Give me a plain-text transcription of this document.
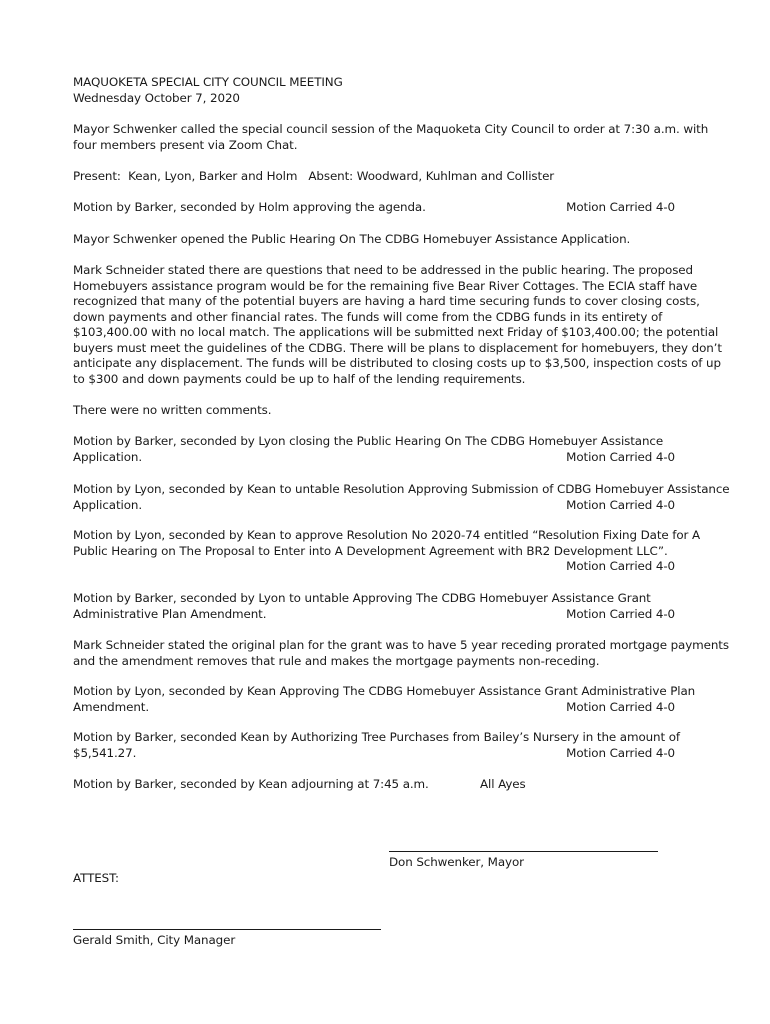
MAQUOKETA SPECIAL CITY COUNCIL MEETING
Wednesday October 7, 2020
Mayor Schwenker called the special council session of the Maquoketa City Council to order at 7:30 a.m. with
four members present via Zoom Chat.
Present:  Kean, Lyon, Barker and Holm   Absent: Woodward, Kuhlman and Collister
Motion by Barker, seconded by Holm approving the agenda.	Motion Carried 4-0
Mayor Schwenker opened the Public Hearing On The CDBG Homebuyer Assistance Application.
Mark Schneider stated there are questions that need to be addressed in the public hearing. The proposed
Homebuyers assistance program would be for the remaining five Bear River Cottages. The ECIA staff have
recognized that many of the potential buyers are having a hard time securing funds to cover closing costs,
down payments and other financial rates. The funds will come from the CDBG funds in its entirety of
$103,400.00 with no local match. The applications will be submitted next Friday of $103,400.00; the potential
buyers must meet the guidelines of the CDBG. There will be plans to displacement for homebuyers, they don’t
anticipate any displacement. The funds will be distributed to closing costs up to $3,500, inspection costs of up
to $300 and down payments could be up to half of the lending requirements.
There were no written comments.
Motion by Barker, seconded by Lyon closing the Public Hearing On The CDBG Homebuyer Assistance
Application.	Motion Carried 4-0
Motion by Lyon, seconded by Kean to untable Resolution Approving Submission of CDBG Homebuyer Assistance
Application.	Motion Carried 4-0
Motion by Lyon, seconded by Kean to approve Resolution No 2020-74 entitled “Resolution Fixing Date for A
Public Hearing on The Proposal to Enter into A Development Agreement with BR2 Development LLC”.
Motion Carried 4-0
Motion by Barker, seconded by Lyon to untable Approving The CDBG Homebuyer Assistance Grant
Administrative Plan Amendment.	Motion Carried 4-0
Mark Schneider stated the original plan for the grant was to have 5 year receding prorated mortgage payments
and the amendment removes that rule and makes the mortgage payments non-receding.
Motion by Lyon, seconded by Kean Approving The CDBG Homebuyer Assistance Grant Administrative Plan
Amendment.	Motion Carried 4-0
Motion by Barker, seconded Kean by Authorizing Tree Purchases from Bailey’s Nursery in the amount of
$5,541.27.	Motion Carried 4-0
Motion by Barker, seconded by Kean adjourning at 7:45 a.m.	All Ayes
Don Schwenker, Mayor
ATTEST:
Gerald Smith, City Manager
